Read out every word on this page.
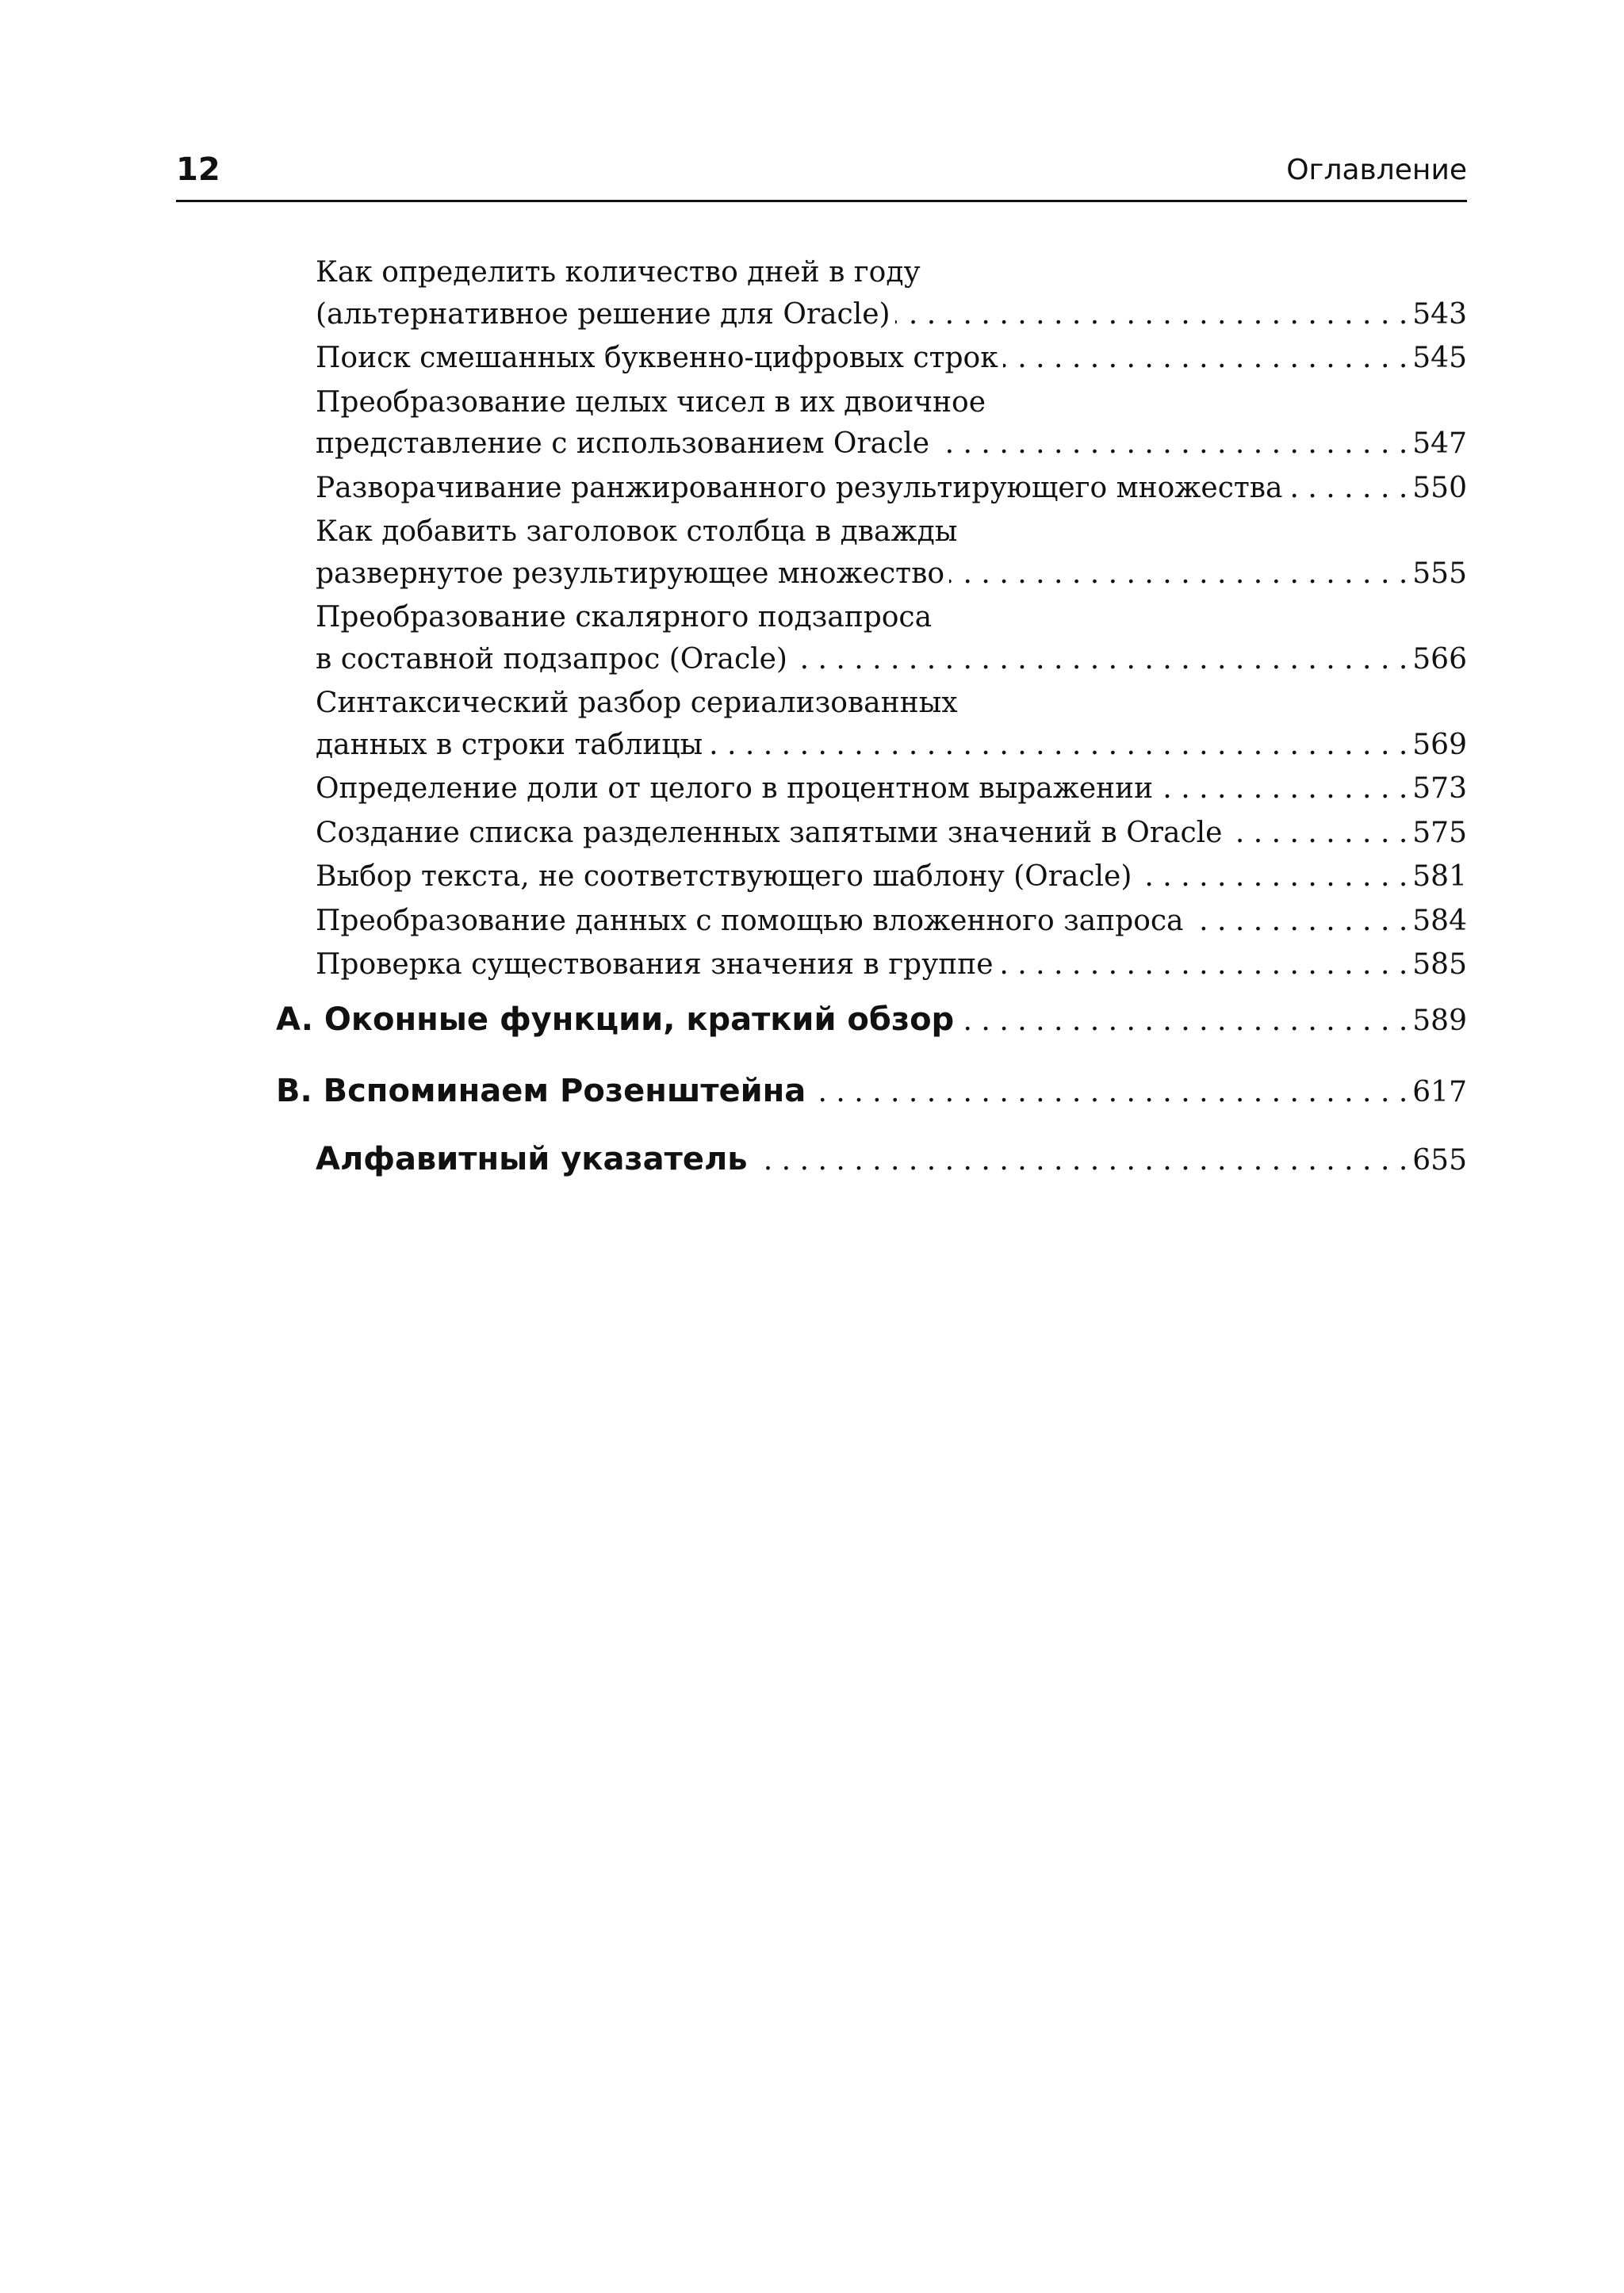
12	Оглавление
Как определить количество дней в году
(альтернативное решение для Oracle) . . .	543
Поиск смешанных буквенно-цифровых строк . . .	545
Преобразование целых чисел в их двоичное
представление с использованием Oracle . . .	547
Разворачивание ранжированного результирующего множества . . .	550
Как добавить заголовок столбца в дважды
развернутое результирующее множество . . .	555
Преобразование скалярного подзапроса
в составной подзапрос (Oracle) . . .	566
Синтаксический разбор сериализованных
данных в строки таблицы . . .	569
Определение доли от целого в процентном выражении . . .	573
Создание списка разделенных запятыми значений в Oracle . . .	575
Выбор текста, не соответствующего шаблону (Oracle) . . .	581
Преобразование данных с помощью вложенного запроса . . .	584
Проверка существования значения в группе . . .	585
A. Оконные функции, краткий обзор . . .	589
B. Вспоминаем Розенштейна . . .	617
Алфавитный указатель . . .	655
